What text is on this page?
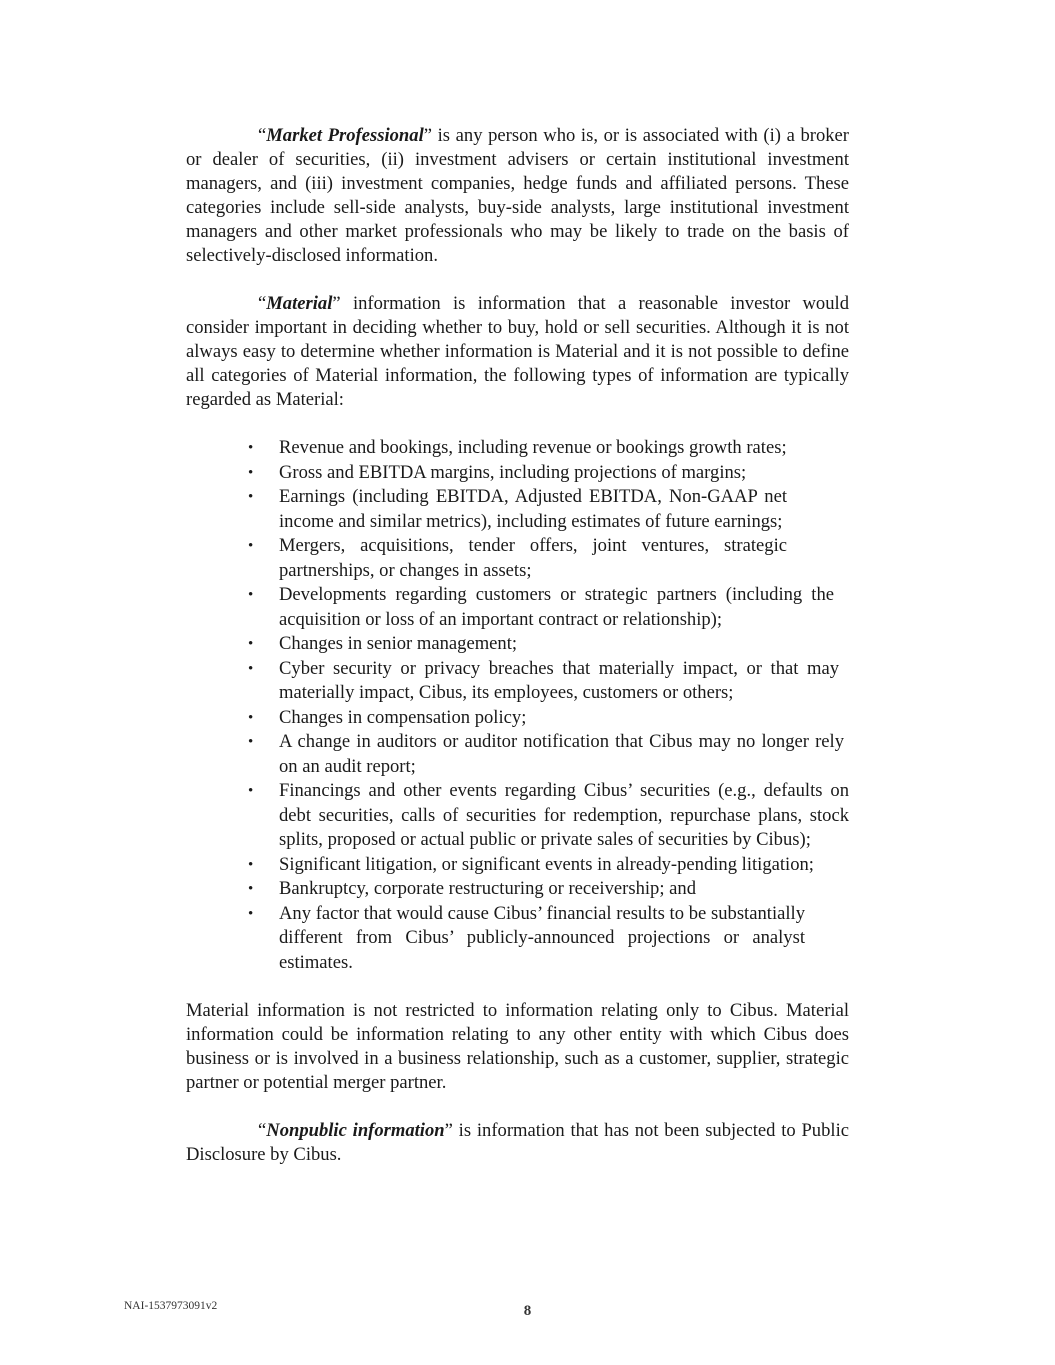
“Market Professional” is any person who is, or is associated with (i) a broker or dealer of securities, (ii) investment advisers or certain institutional investment managers, and (iii) investment companies, hedge funds and affiliated persons. These categories include sell-side analysts, buy-side analysts, large institutional investment managers and other market professionals who may be likely to trade on the basis of selectively-disclosed information.

“Material” information is information that a reasonable investor would consider important in deciding whether to buy, hold or sell securities. Although it is not always easy to determine whether information is Material and it is not possible to define all categories of Material information, the following types of information are typically regarded as Material:

• Revenue and bookings, including revenue or bookings growth rates;
• Gross and EBITDA margins, including projections of margins;
• Earnings (including EBITDA, Adjusted EBITDA, Non-GAAP net income and similar metrics), including estimates of future earnings;
• Mergers, acquisitions, tender offers, joint ventures, strategic partnerships, or changes in assets;
• Developments regarding customers or strategic partners (including the acquisition or loss of an important contract or relationship);
• Changes in senior management;
• Cyber security or privacy breaches that materially impact, or that may materially impact, Cibus, its employees, customers or others;
• Changes in compensation policy;
• A change in auditors or auditor notification that Cibus may no longer rely on an audit report;
• Financings and other events regarding Cibus’ securities (e.g., defaults on debt securities, calls of securities for redemption, repurchase plans, stock splits, proposed or actual public or private sales of securities by Cibus);
• Significant litigation, or significant events in already-pending litigation;
• Bankruptcy, corporate restructuring or receivership; and
• Any factor that would cause Cibus’ financial results to be substantially different from Cibus’ publicly-announced projections or analyst estimates.

Material information is not restricted to information relating only to Cibus. Material information could be information relating to any other entity with which Cibus does business or is involved in a business relationship, such as a customer, supplier, strategic partner or potential merger partner.

“Nonpublic information” is information that has not been subjected to Public Disclosure by Cibus.

NAI-1537973091v2	8
